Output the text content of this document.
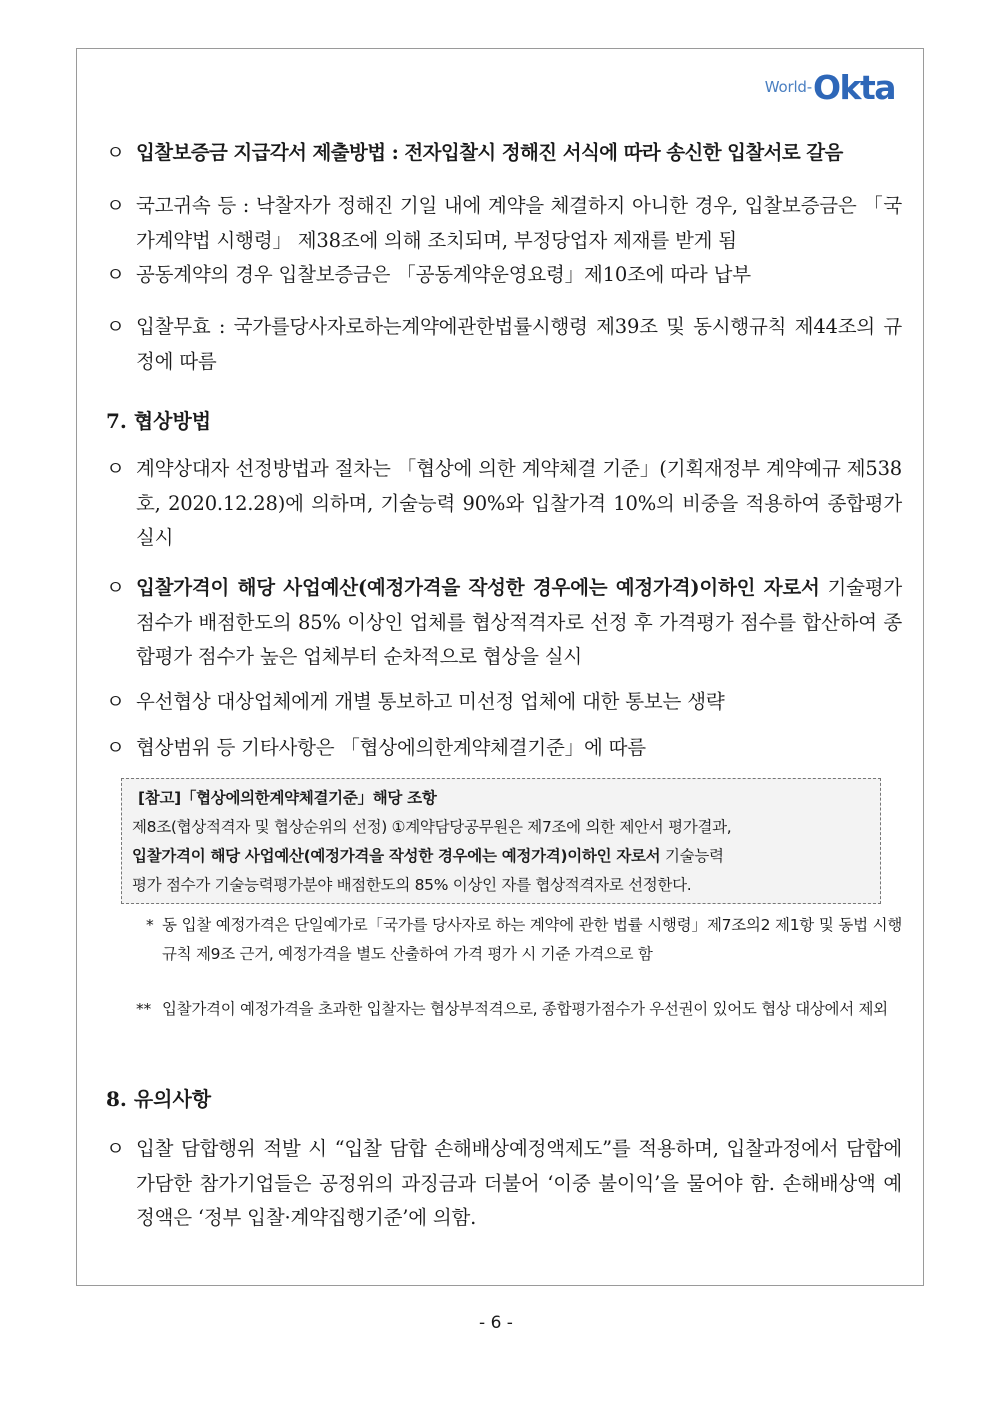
World- Okta
ㅇ 입찰보증금 지급각서 제출방법 : 전자입찰시 정해진 서식에 따라 송신한 입찰서로 갈음
ㅇ 국고귀속 등 : 낙찰자가 정해진 기일 내에 계약을 체결하지 아니한 경우, 입찰보증금은 「국가계약법 시행령」 제38조에 의해 조치되며, 부정당업자 제재를 받게 됨
ㅇ 공동계약의 경우 입찰보증금은 「공동계약운영요령」제10조에 따라 납부
ㅇ 입찰무효 : 국가를당사자로하는계약에관한법률시행령 제39조 및 동시행규칙 제44조의 규정에 따름
7. 협상방법
ㅇ 계약상대자 선정방법과 절차는 「협상에 의한 계약체결 기준」(기획재정부 계약예규 제538호, 2020.12.28)에 의하며, 기술능력 90%와 입찰가격 10%의 비중을 적용하여 종합평가 실시
ㅇ 입찰가격이 해당 사업예산(예정가격을 작성한 경우에는 예정가격)이하인 자로서 기술평가점수가 배점한도의 85% 이상인 업체를 협상적격자로 선정 후 가격평가 점수를 합산하여 종합평가 점수가 높은 업체부터 순차적으로 협상을 실시
ㅇ 우선협상 대상업체에게 개별 통보하고 미선정 업체에 대한 통보는 생략
ㅇ 협상범위 등 기타사항은 「협상에의한계약체결기준」에 따름

[참고]「협상에의한계약체결기준」해당 조항

제8조(협상적격자 및 협상순위의 선정) ①계약담당공무원은 제7조에 의한 제안서 평가결과,

입찰가격이 해당 사업예산(예정가격을 작성한 경우에는 예정가격)이하인 자로서 기술능력

평가 점수가 기술능력평가분야 배점한도의 85% 이상인 자를 협상적격자로 선정한다.

* 동 입찰 예정가격은 단일예가로「국가를 당사자로 하는 계약에 관한 법률 시행령」제7조의2 제1항 및 동법 시행규칙 제9조 근거, 예정가격을 별도 산출하여 가격 평가 시 기준 가격으로 함
** 입찰가격이 예정가격을 초과한 입찰자는 협상부적격으로, 종합평가점수가 우선권이 있어도 협상 대상에서 제외
8. 유의사항
ㅇ 입찰 담합행위 적발 시 “입찰 담합 손해배상예정액제도”를 적용하며, 입찰과정에서 담합에 가담한 참가기업들은 공정위의 과징금과 더불어 ‘이중 불이익’을 물어야 함. 손해배상액 예정액은 ‘정부 입찰·계약집행기준’에 의함.
- 6 -
